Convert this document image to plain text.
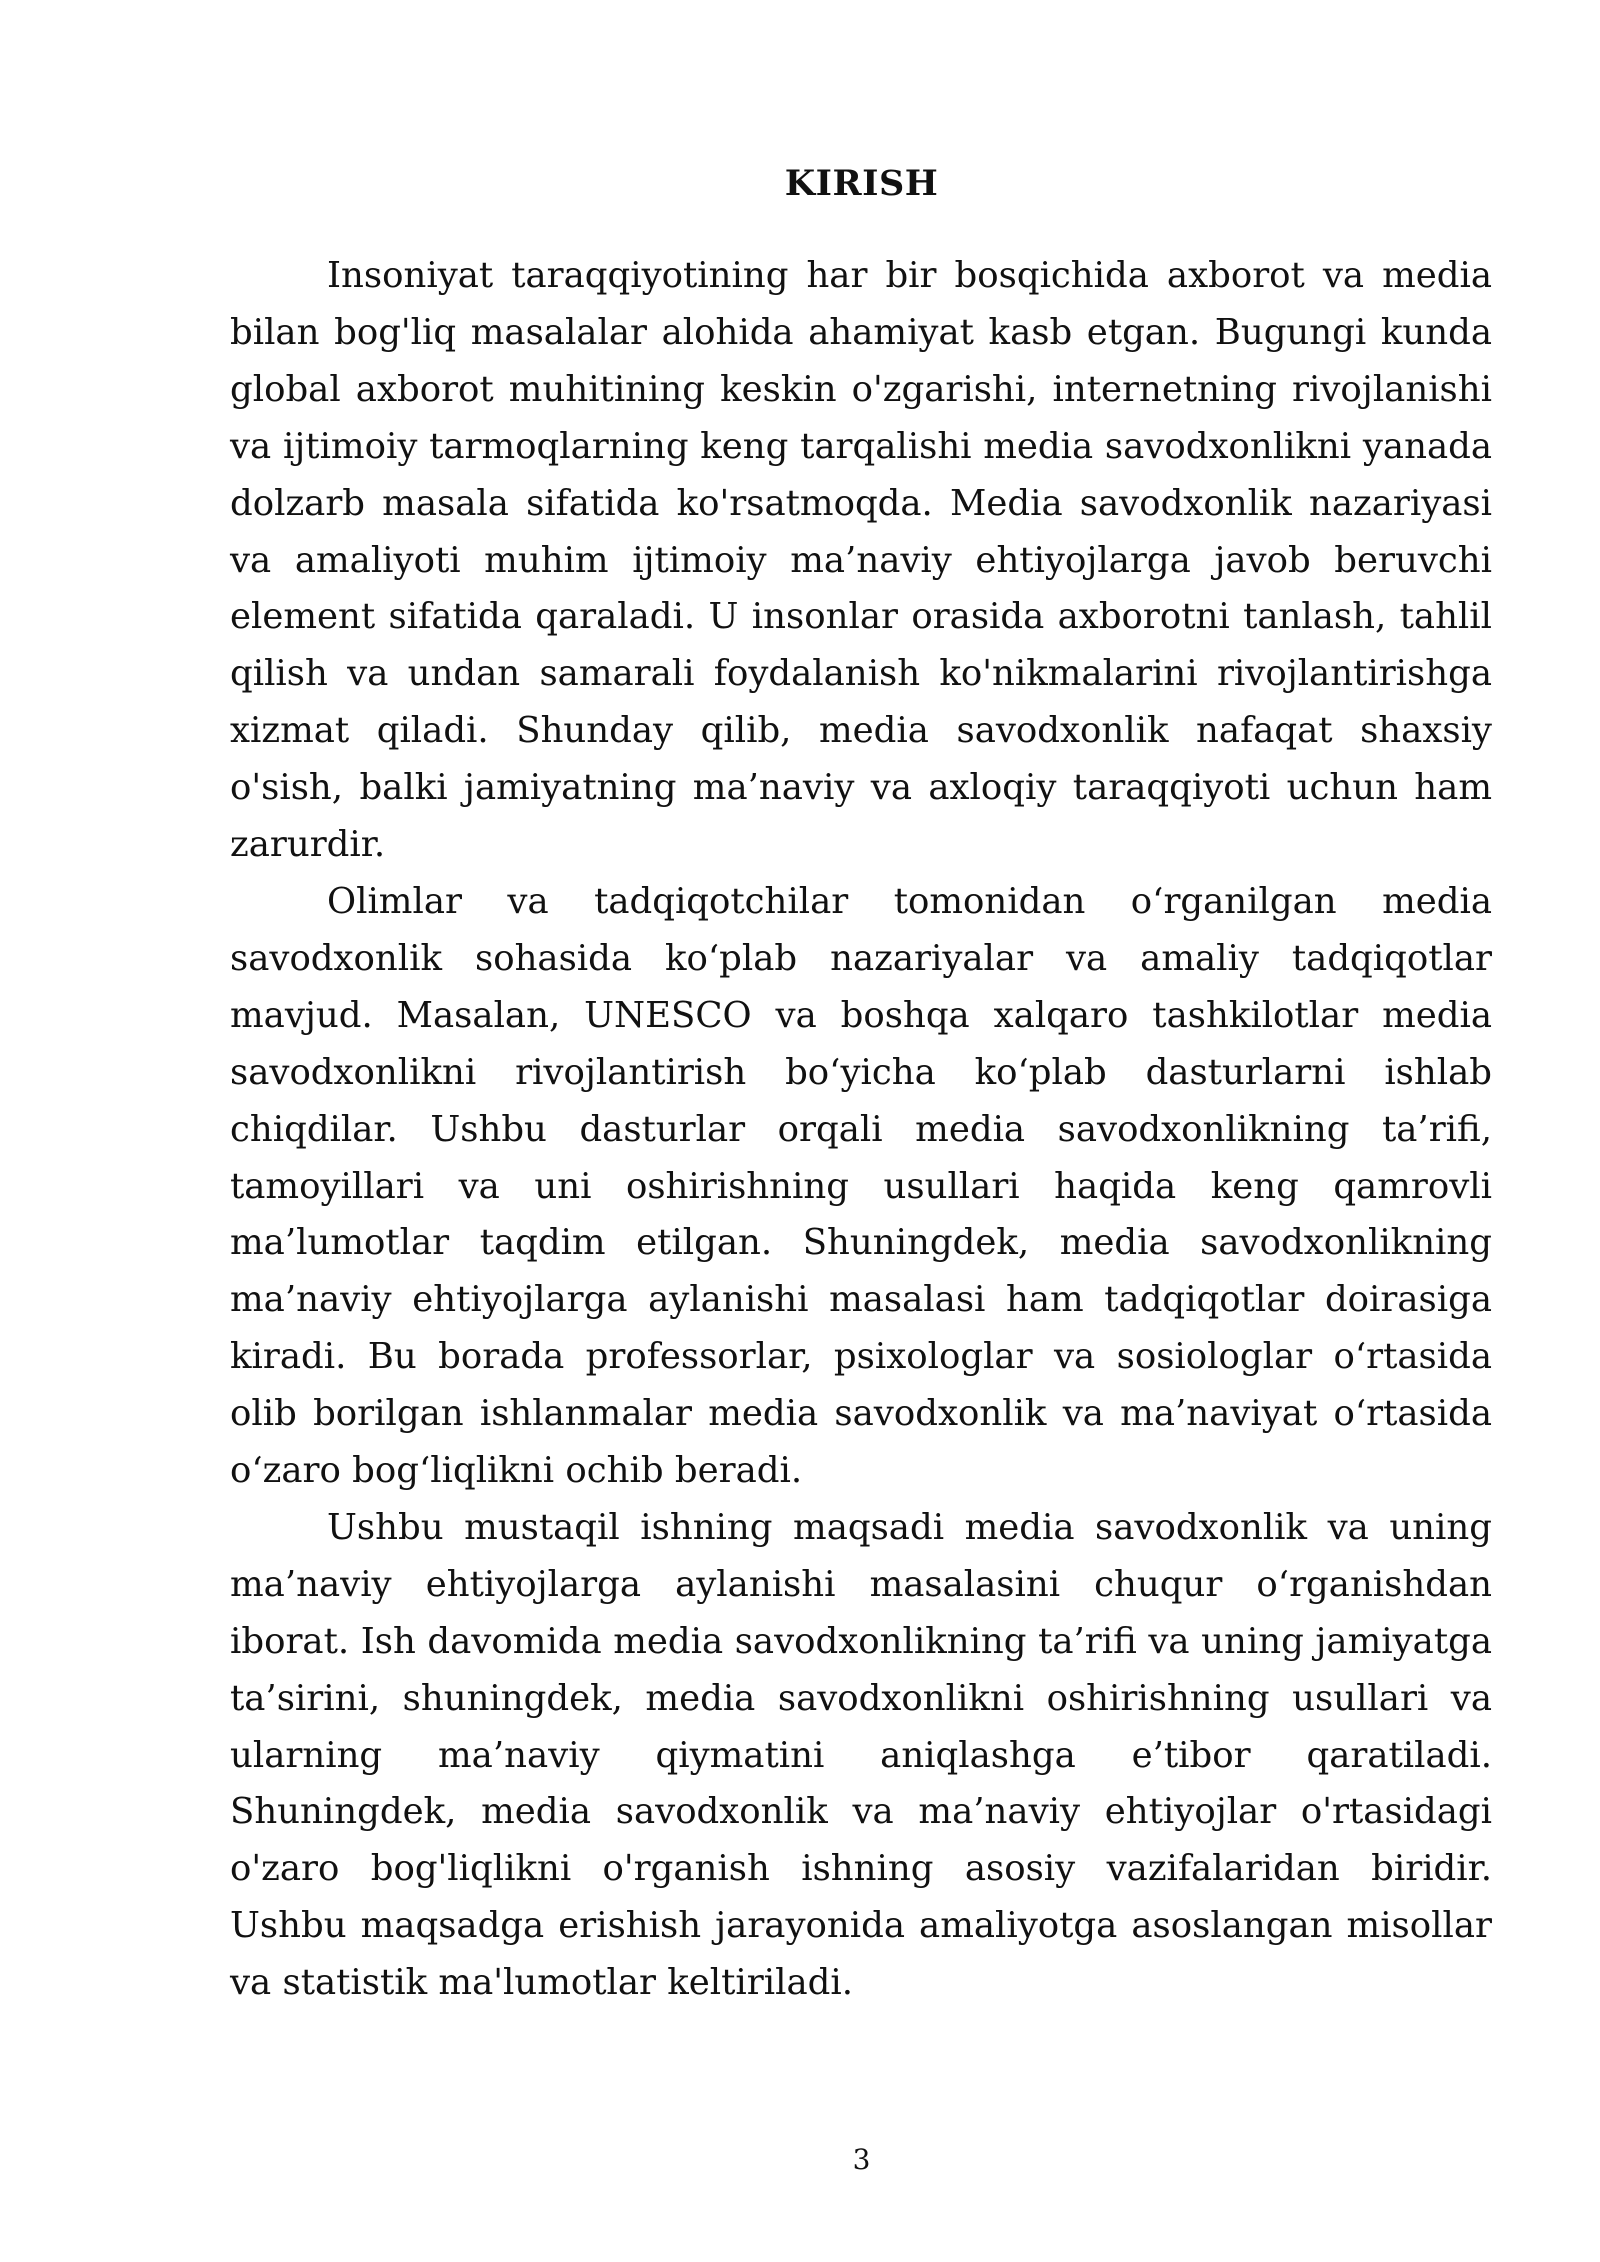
KIRISH

Insoniyat taraqqiyotining har bir bosqichida axborot va media bilan bog'liq masalalar alohida ahamiyat kasb etgan. Bugungi kunda global axborot muhitining keskin o'zgarishi, internetning rivojlanishi va ijtimoiy tarmoqlarning keng tarqalishi media savodxonlikni yanada dolzarb masala sifatida ko'rsatmoqda. Media savodxonlik nazariyasi va amaliyoti muhim ijtimoiy ma’naviy ehtiyojlarga javob beruvchi element sifatida qaraladi. U insonlar orasida axborotni tanlash, tahlil qilish va undan samarali foydalanish ko'nikmalarini rivojlantirishga xizmat qiladi. Shunday qilib, media savodxonlik nafaqat shaxsiy o'sish, balki jamiyatning ma’naviy va axloqiy taraqqiyoti uchun ham zarurdir.

Olimlar va tadqiqotchilar tomonidan oʻrganilgan media savodxonlik sohasida koʻplab nazariyalar va amaliy tadqiqotlar mavjud. Masalan, UNESCO va boshqa xalqaro tashkilotlar media savodxonlikni rivojlantirish boʻyicha koʻplab dasturlarni ishlab chiqdilar. Ushbu dasturlar orqali media savodxonlikning ta’rifi, tamoyillari va uni oshirishning usullari haqida keng qamrovli ma’lumotlar taqdim etilgan. Shuningdek, media savodxonlikning ma’naviy ehtiyojlarga aylanishi masalasi ham tadqiqotlar doirasiga kiradi. Bu borada professorlar, psixologlar va sosiologlar oʻrtasida olib borilgan ishlanmalar media savodxonlik va ma’naviyat oʻrtasida oʻzaro bogʻliqlikni ochib beradi.

Ushbu mustaqil ishning maqsadi media savodxonlik va uning ma’naviy ehtiyojlarga aylanishi masalasini chuqur oʻrganishdan iborat. Ish davomida media savodxonlikning ta’rifi va uning jamiyatga ta’sirini, shuningdek, media savodxonlikni oshirishning usullari va ularning ma’naviy qiymatini aniqlashga e’tibor qaratiladi. Shuningdek, media savodxonlik va ma’naviy ehtiyojlar o'rtasidagi o'zaro bog'liqlikni o'rganish ishning asosiy vazifalaridan biridir. Ushbu maqsadga erishish jarayonida amaliyotga asoslangan misollar va statistik ma'lumotlar keltiriladi.

3
